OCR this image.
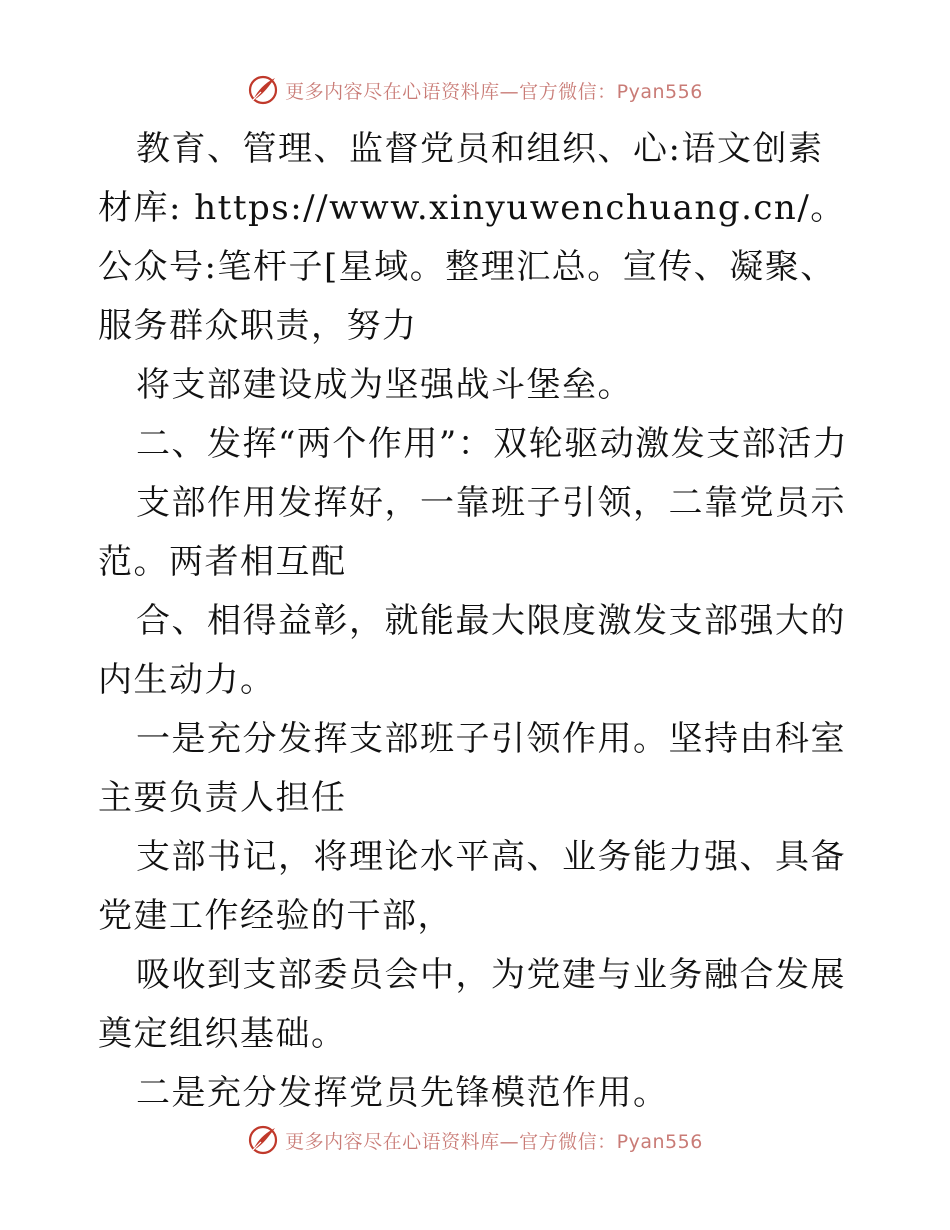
更多内容尽在心语资料库—官方微信：Pyan556

教育、管理、监督党员和组织、心:语文创素材库: https://www.xinyuwenchuang.cn/。公众号:笔杆子[星域。整理汇总。宣传、凝聚、服务群众职责，努力

将支部建设成为坚强战斗堡垒。

二、发挥“两个作用”：双轮驱动激发支部活力

支部作用发挥好，一靠班子引领，二靠党员示范。两者相互配

合、相得益彰，就能最大限度激发支部强大的内生动力。

一是充分发挥支部班子引领作用。坚持由科室主要负责人担任

支部书记，将理论水平高、业务能力强、具备党建工作经验的干部，

吸收到支部委员会中，为党建与业务融合发展奠定组织基础。

二是充分发挥党员先锋模范作用。

更多内容尽在心语资料库—官方微信：Pyan556
